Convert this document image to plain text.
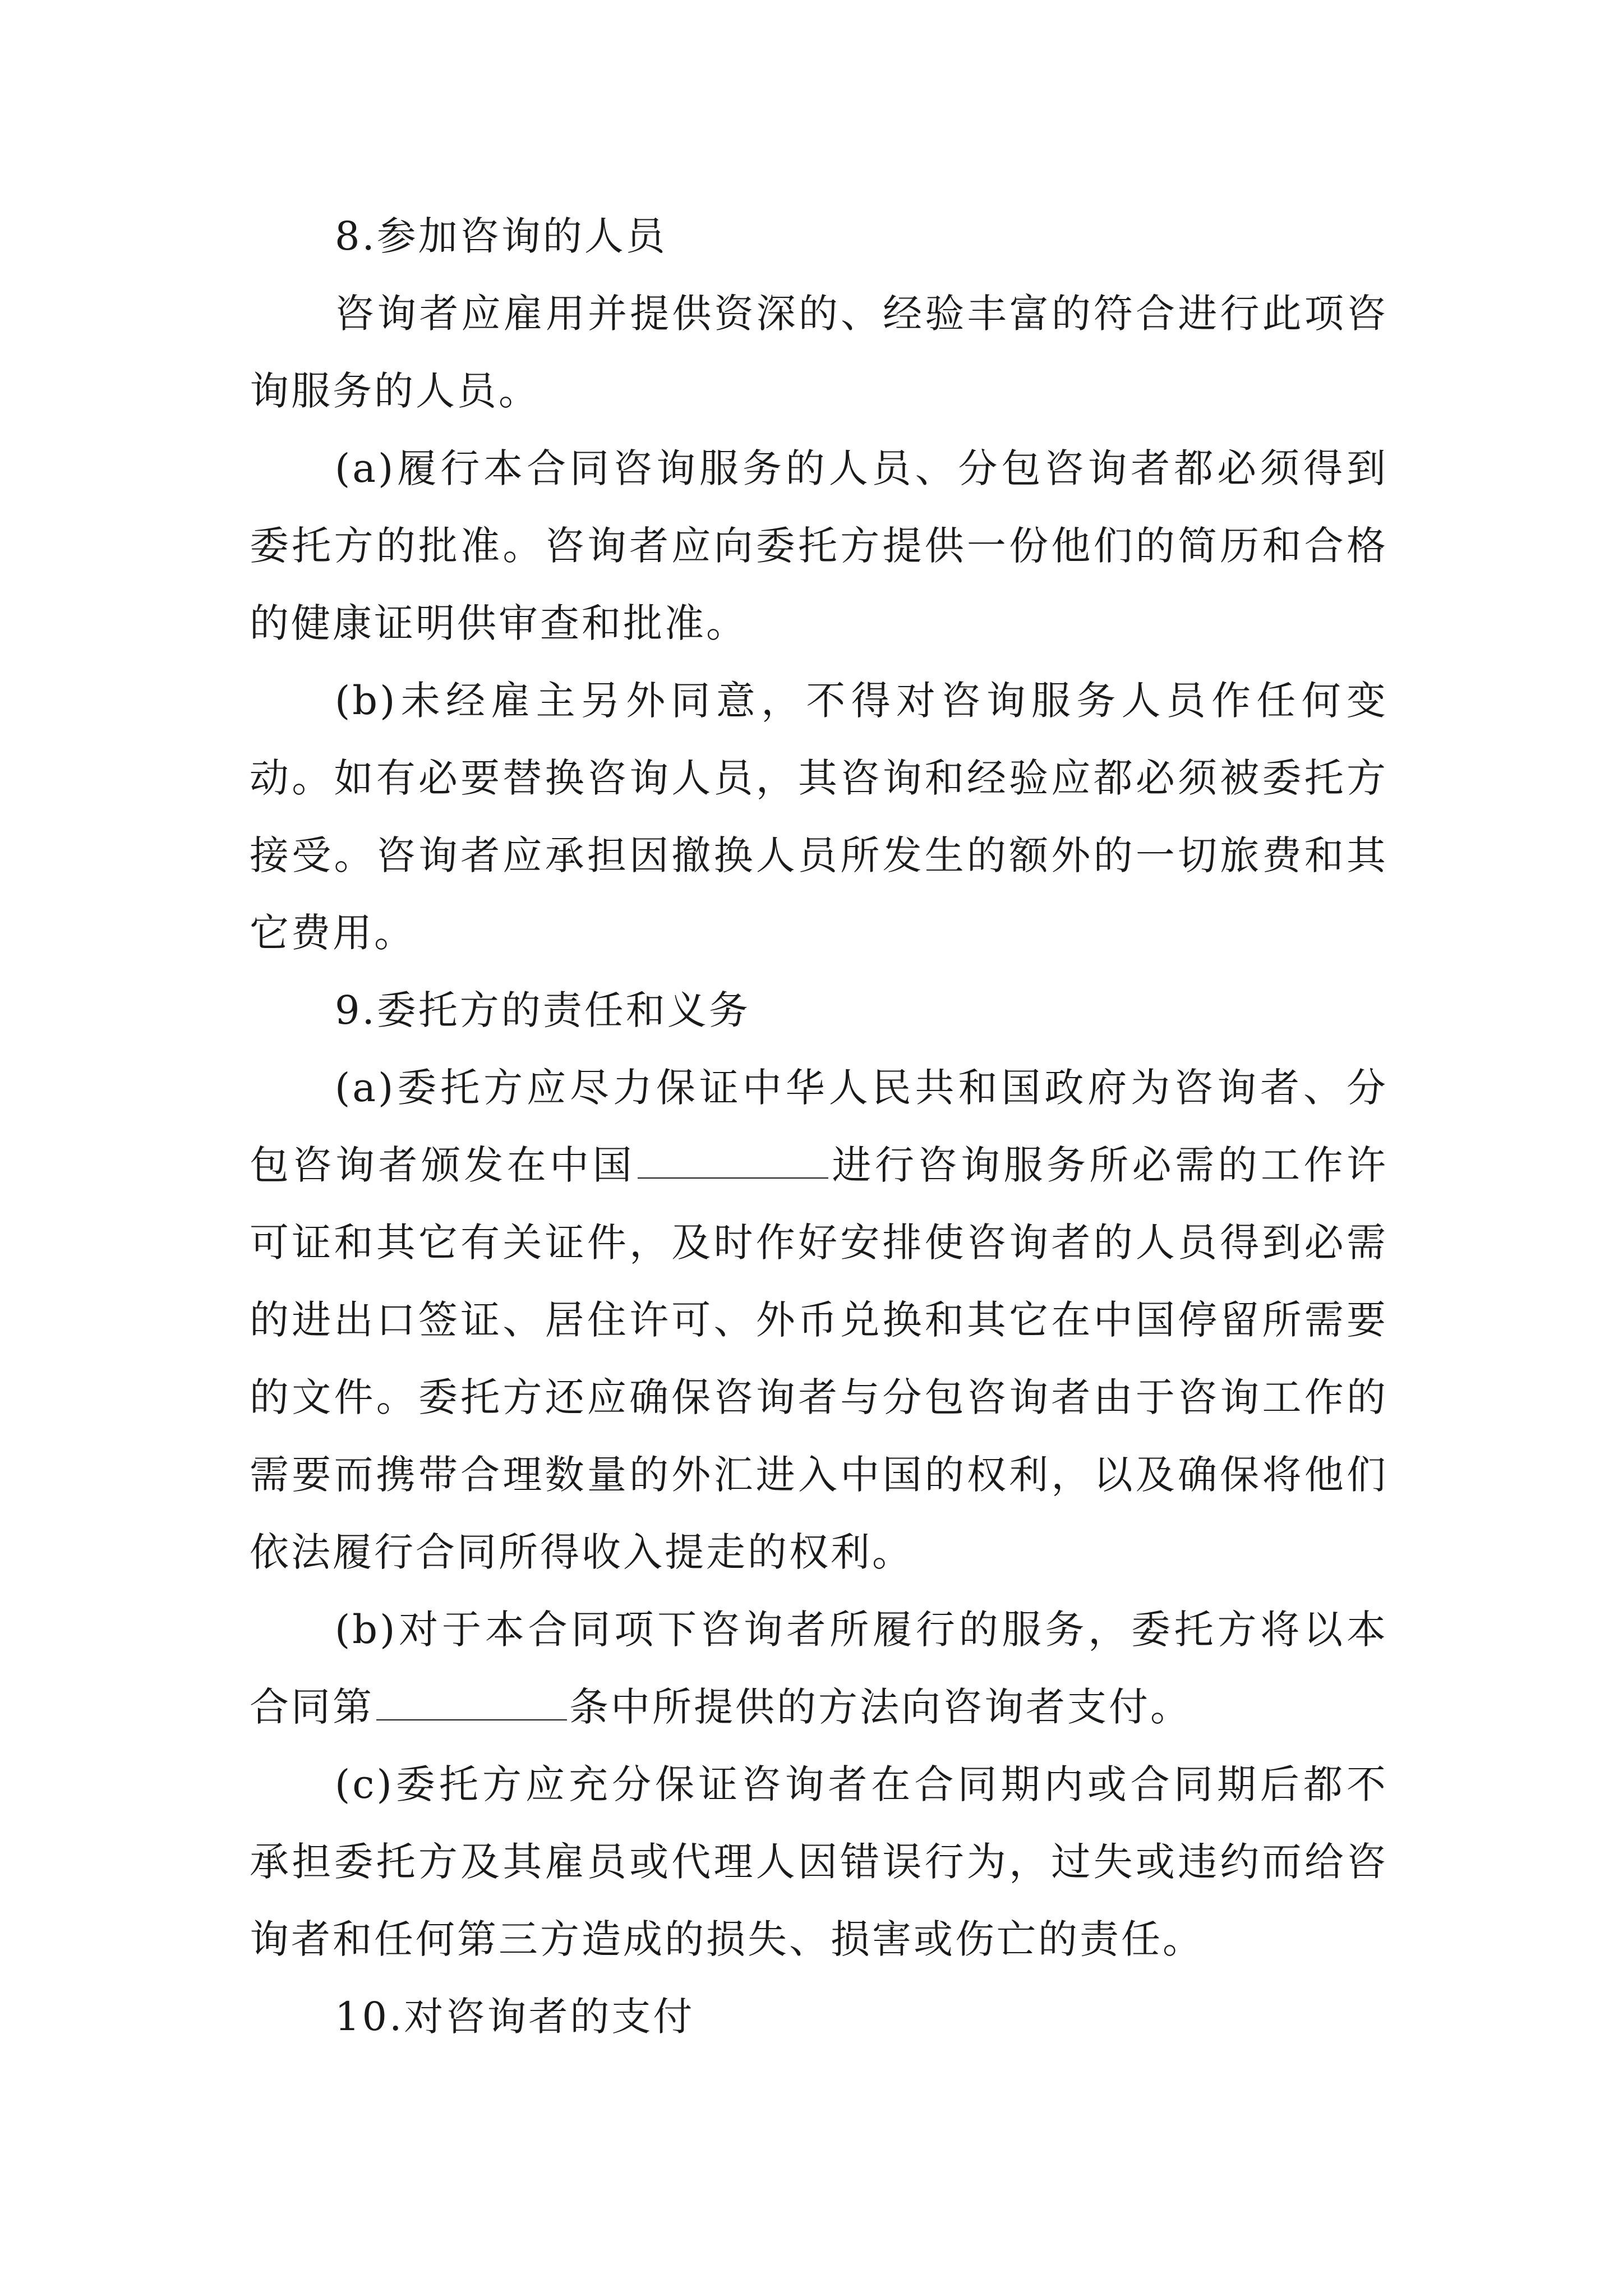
8.参加咨询的人员

咨询者应雇用并提供资深的、经验丰富的符合进行此项咨询服务的人员。

(a)履行本合同咨询服务的人员、分包咨询者都必须得到委托方的批准。咨询者应向委托方提供一份他们的简历和合格的健康证明供审查和批准。

(b)未经雇主另外同意，不得对咨询服务人员作任何变动。如有必要替换咨询人员，其咨询和经验应都必须被委托方接受。咨询者应承担因撤换人员所发生的额外的一切旅费和其它费用。

9.委托方的责任和义务

(a)委托方应尽力保证中华人民共和国政府为咨询者、分包咨询者颁发在中国	进行咨询服务所必需的工作许可证和其它有关证件，及时作好安排使咨询者的人员得到必需的进出口签证、居住许可、外币兑换和其它在中国停留所需要的文件。委托方还应确保咨询者与分包咨询者由于咨询工作的需要而携带合理数量的外汇进入中国的权利，以及确保将他们依法履行合同所得收入提走的权利。

(b)对于本合同项下咨询者所履行的服务，委托方将以本合同第	条中所提供的方法向咨询者支付。

(c)委托方应充分保证咨询者在合同期内或合同期后都不承担委托方及其雇员或代理人因错误行为，过失或违约而给咨询者和任何第三方造成的损失、损害或伤亡的责任。

10.对咨询者的支付
